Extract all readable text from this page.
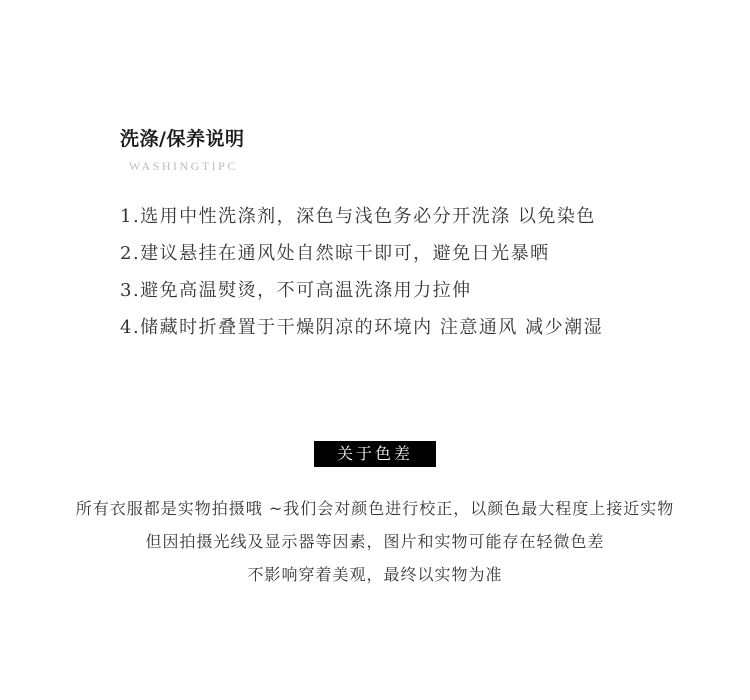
洗涤/保养说明
WASHINGTIPC
1.选用中性洗涤剂，深色与浅色务必分开洗涤 以免染色
2.建议悬挂在通风处自然晾干即可，避免日光暴晒
3.避免高温熨烫，不可高温洗涤用力拉伸
4.储藏时折叠置于干燥阴凉的环境内 注意通风 减少潮湿
关于色差
所有衣服都是实物拍摄哦 ~我们会对颜色进行校正，以颜色最大程度上接近实物
但因拍摄光线及显示器等因素，图片和实物可能存在轻微色差
不影响穿着美观，最终以实物为准
